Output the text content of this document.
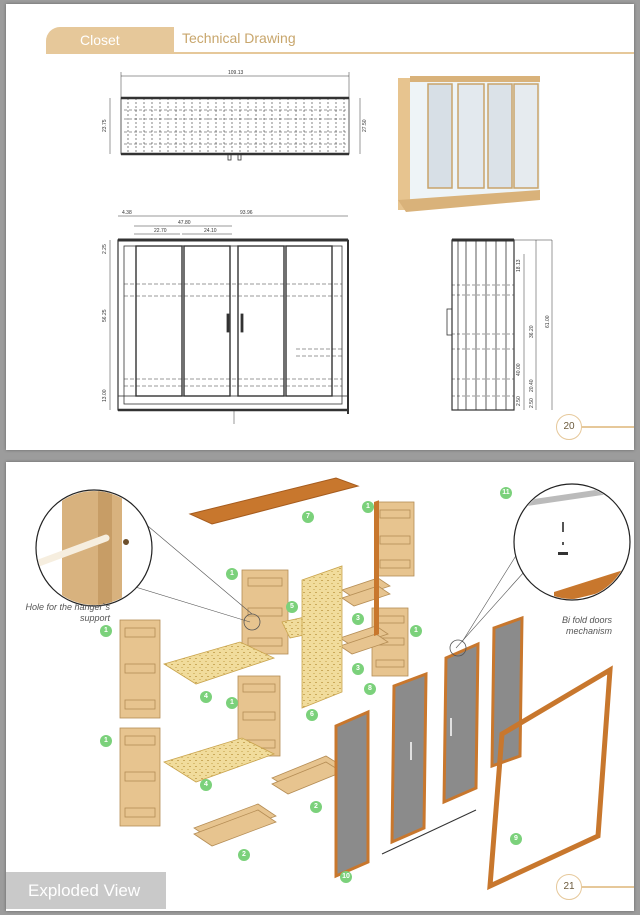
Closet	Technical Drawing
109.13
23.75	27.50
93.96
4.38
47.80
22.70	24.10
2.25
56.25
13.00
18.13
36.20
61.00
40.00
20.40
2.50 2.50
20
Hole for the hanger`s support	Bi fold doors mechanism
7
1
1
5
3
1
3
8
1
4
1
6
1
4
2
2
9
10
11
Exploded View	21
